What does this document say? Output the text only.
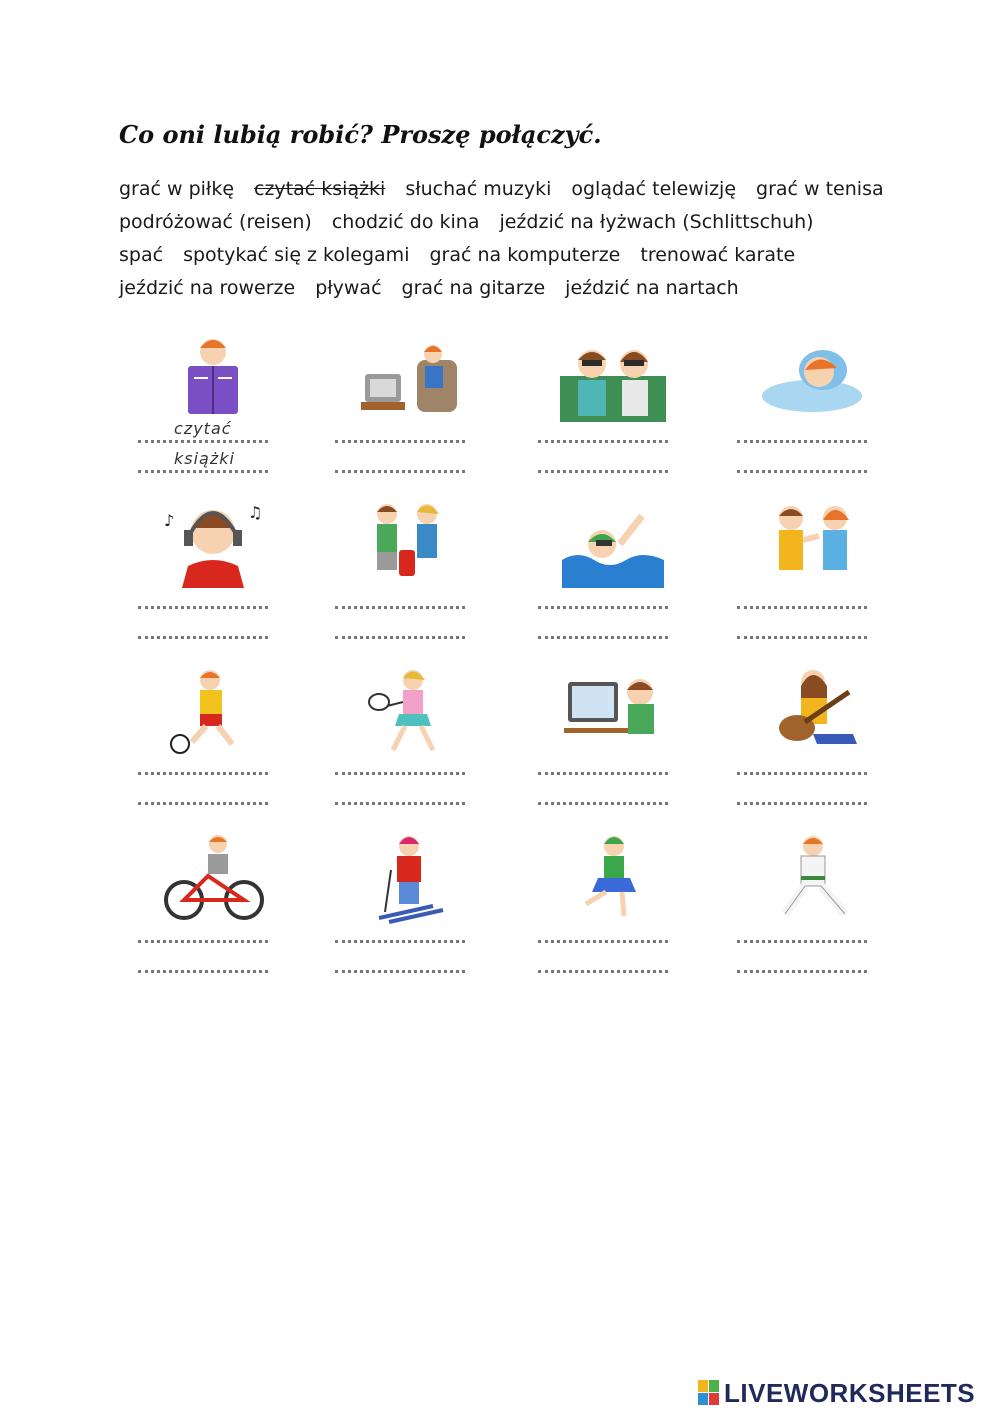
Co oni lubią robić? Proszę połączyć.
grać w piłkę czytać książki słuchać muzyki oglądać telewizję grać w tenisa
podróżować (reisen) chodzić do kina jeździć na łyżwach (Schlittschuh)
spać spotykać się z kolegami grać na komputerze trenować karate
jeździć na rowerze pływać grać na gitarze jeździć na nartach
czytać
książki
♪	♫
LIVEWORKSHEETS
